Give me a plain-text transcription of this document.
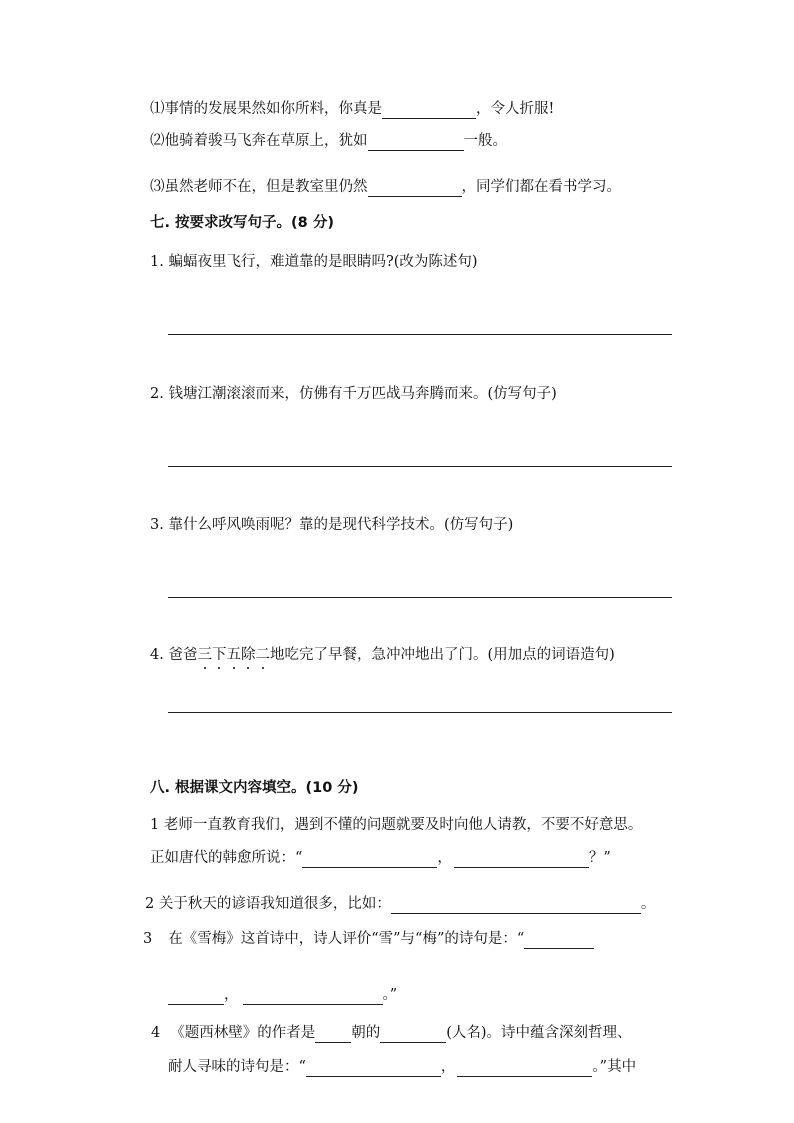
⑴事情的发展果然如你所料，你真是	，令人折服!
⑵他骑着骏马飞奔在草原上，犹如	一般。
⑶虽然老师不在，但是教室里仍然	，同学们都在看书学习。
七. 按要求改写句子。(8 分)
1. 蝙蝠夜里飞行，难道靠的是眼睛吗?(改为陈述句)
2. 钱塘江潮滚滚而来，仿佛有千万匹战马奔腾而来。(仿写句子)
3. 靠什么呼风唤雨呢？靠的是现代科学技术。(仿写句子)
4. 爸爸三下五除二地吃完了早餐，急冲冲地出了门。(用加点的词语造句)
八. 根据课文内容填空。(10 分)
1 老师一直教育我们，遇到不懂的问题就要及时向他人请教，不要不好意思。
正如唐代的韩愈所说：“	，	？”
2 关于秋天的谚语我知道很多，比如：	。
3 在《雪梅》这首诗中，诗人评价“雪”与“梅”的诗句是：“
，	。”
4 《题西林壁》的作者是 朝的	(人名)。诗中蕴含深刻哲理、
耐人寻味的诗句是：“	，	。”其中
